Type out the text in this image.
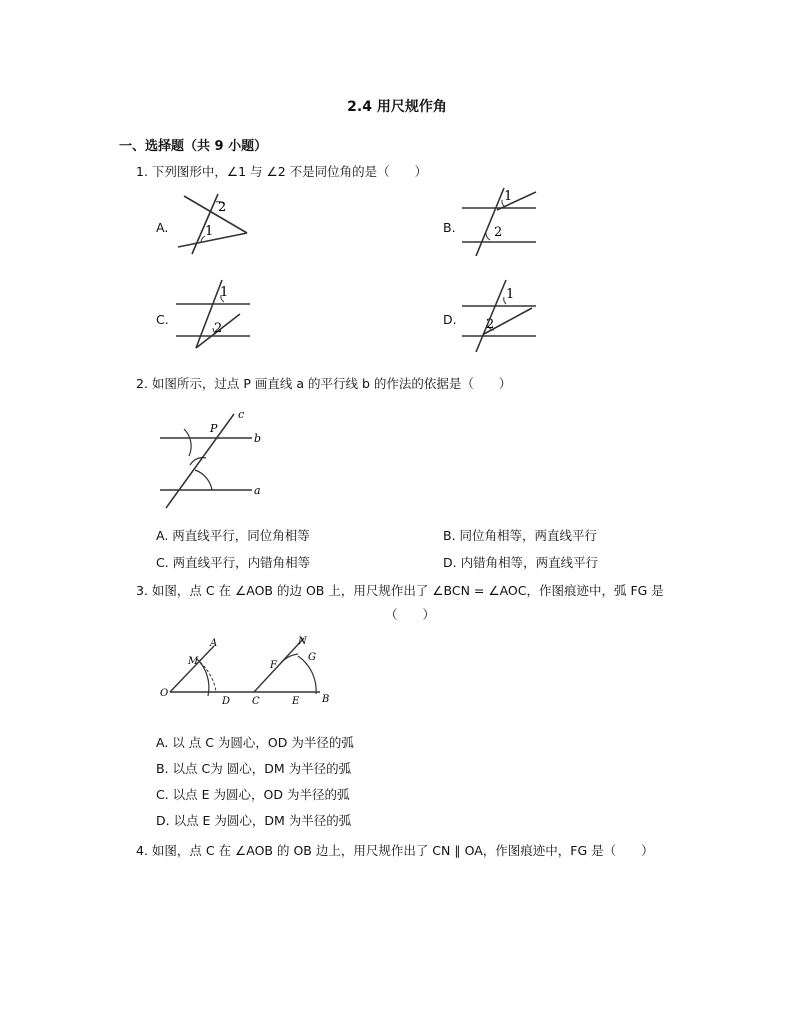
2.4 用尺规作角
一、选择题（共 9 小题）
1. 下列图形中，∠1 与 ∠2 不是同位角的是（　　）
A.
2
1	B.
1
2
C.
1
2
D.
1
2
2. 如图所示，过点 P 画直线 a 的平行线 b 的作法的依据是（　　）
c
P
b
a
A. 两直线平行，同位角相等	B. 同位角相等，两直线平行
C. 两直线平行，内错角相等	D. 内错角相等，两直线平行
3. 如图，点 C 在 ∠AOB 的边 OB 上，用尺规作出了 ∠BCN = ∠AOC，作图痕迹中，弧 FG 是
（　　）
A
M
O
D C
N
F
G
E B
A. 以 点 C 为圆心，OD 为半径的弧
B. 以点 C为 圆心，DM 为半径的弧
C. 以点 E 为圆心，OD 为半径的弧
D. 以点 E 为圆心，DM 为半径的弧
4. 如图，点 C 在 ∠AOB 的 OB 边上，用尺规作出了 CN ∥ OA，作图痕迹中，FG 是（　　）
